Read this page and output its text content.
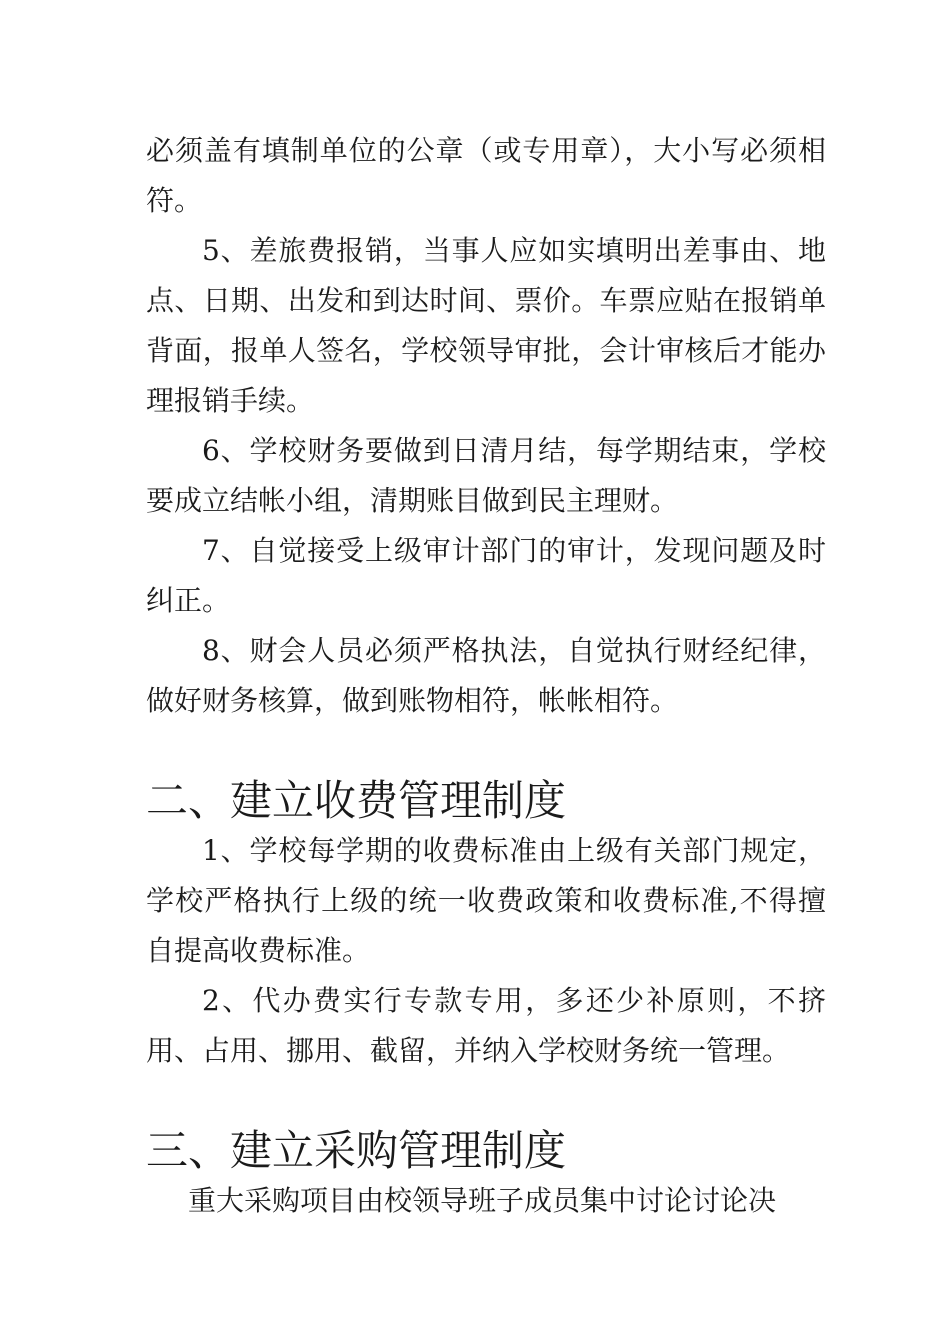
必须盖有填制单位的公章（或专用章），大小写必须相符。

5、差旅费报销，当事人应如实填明出差事由、地点、日期、出发和到达时间、票价。车票应贴在报销单背面，报单人签名，学校领导审批，会计审核后才能办理报销手续。

6、学校财务要做到日清月结，每学期结束，学校要成立结帐小组，清期账目做到民主理财。

7、自觉接受上级审计部门的审计，发现问题及时纠正。

8、财会人员必须严格执法，自觉执行财经纪律，做好财务核算，做到账物相符，帐帐相符。

二、建立收费管理制度

1、学校每学期的收费标准由上级有关部门规定，学校严格执行上级的统一收费政策和收费标准,不得擅自提高收费标准。

2、代办费实行专款专用，多还少补原则，不挤用、占用、挪用、截留，并纳入学校财务统一管理。

三、建立采购管理制度

重大采购项目由校领导班子成员集中讨论讨论决
